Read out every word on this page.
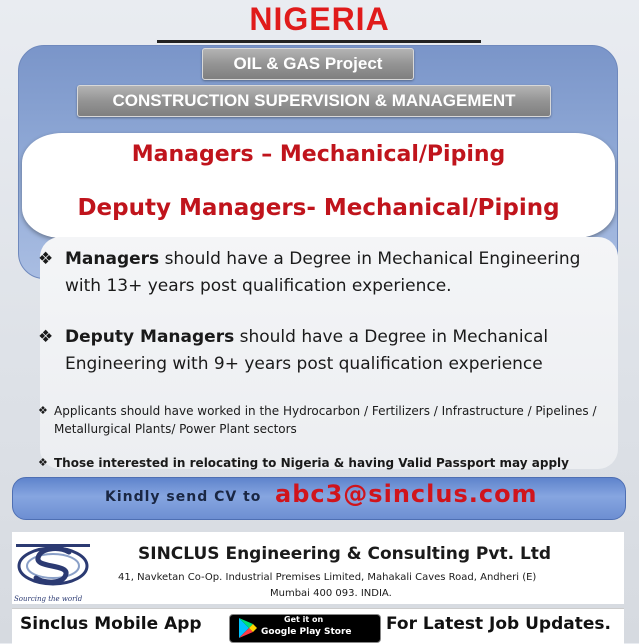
NIGERIA
OIL & GAS Project
CONSTRUCTION SUPERVISION & MANAGEMENT
Managers – Mechanical/Piping
Deputy Managers- Mechanical/Piping
❖ Managers should have a Degree in Mechanical Engineering
with 13+ years post qualification experience.
❖ Deputy Managers should have a Degree in Mechanical
Engineering with 9+ years post qualification experience
❖ Applicants should have worked in the Hydrocarbon / Fertilizers / Infrastructure / Pipelines /
Metallurgical Plants/ Power Plant sectors
❖ Those interested in relocating to Nigeria & having Valid Passport may apply
Kindly send CV to abc3@sinclus.com
Sourcing the world
SINCLUS Engineering & Consulting Pvt. Ltd
41, Navketan Co-Op. Industrial Premises Limited, Mahakali Caves Road, Andheri (E)
Mumbai 400 093. INDIA.
Sinclus Mobile App	Get it on
Google Play Store For Latest Job Updates.
